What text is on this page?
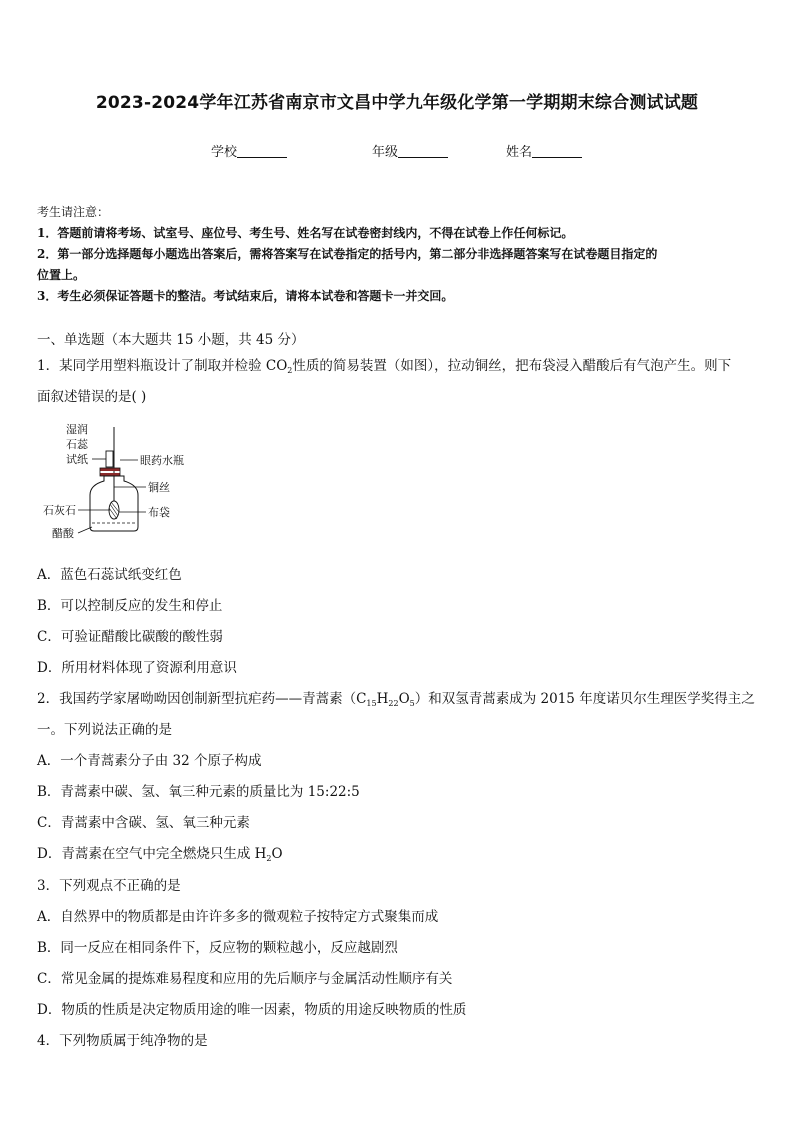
2023-2024学年江苏省南京市文昌中学九年级化学第一学期期末综合测试试题
学校	年级	姓名
考生请注意：
1．答题前请将考场、试室号、座位号、考生号、姓名写在试卷密封线内，不得在试卷上作任何标记。
2．第一部分选择题每小题选出答案后，需将答案写在试卷指定的括号内，第二部分非选择题答案写在试卷题目指定的
位置上。
3．考生必须保证答题卡的整洁。考试结束后，请将本试卷和答题卡一并交回。
一、单选题（本大题共 15 小题，共 45 分）
1．某同学用塑料瓶设计了制取并检验 $CO_2$性质的简易装置（如图），拉动铜丝，把布袋浸入醋酸后有气泡产生。则下
面叙述错误的是( )
湿润
石蕊
试纸	眼药水瓶
铜丝
布袋
石灰石
醋酸
A．蓝色石蕊试纸变红色
B．可以控制反应的发生和停止
C．可验证醋酸比碳酸的酸性弱
D．所用材料体现了资源利用意识
2．我国药学家屠呦呦因创制新型抗疟药——青蒿素$(C_{15}H_{22}O_5)$和双氢青蒿素成为 2015 年度诺贝尔生理医学奖得主之
一。下列说法正确的是
A．一个青蒿素分子由 32 个原子构成
B．青蒿素中碳、氢、氧三种元素的质量比为 15:22:5
C．青蒿素中含碳、氢、氧三种元素
D．青蒿素在空气中完全燃烧只生成 $H_2O$
3．下列观点不正确的是
A．自然界中的物质都是由许许多多的微观粒子按特定方式聚集而成
B．同一反应在相同条件下，反应物的颗粒越小，反应越剧烈
C．常见金属的提炼难易程度和应用的先后顺序与金属活动性顺序有关
D．物质的性质是决定物质用途的唯一因素，物质的用途反映物质的性质
4．下列物质属于纯净物的是
